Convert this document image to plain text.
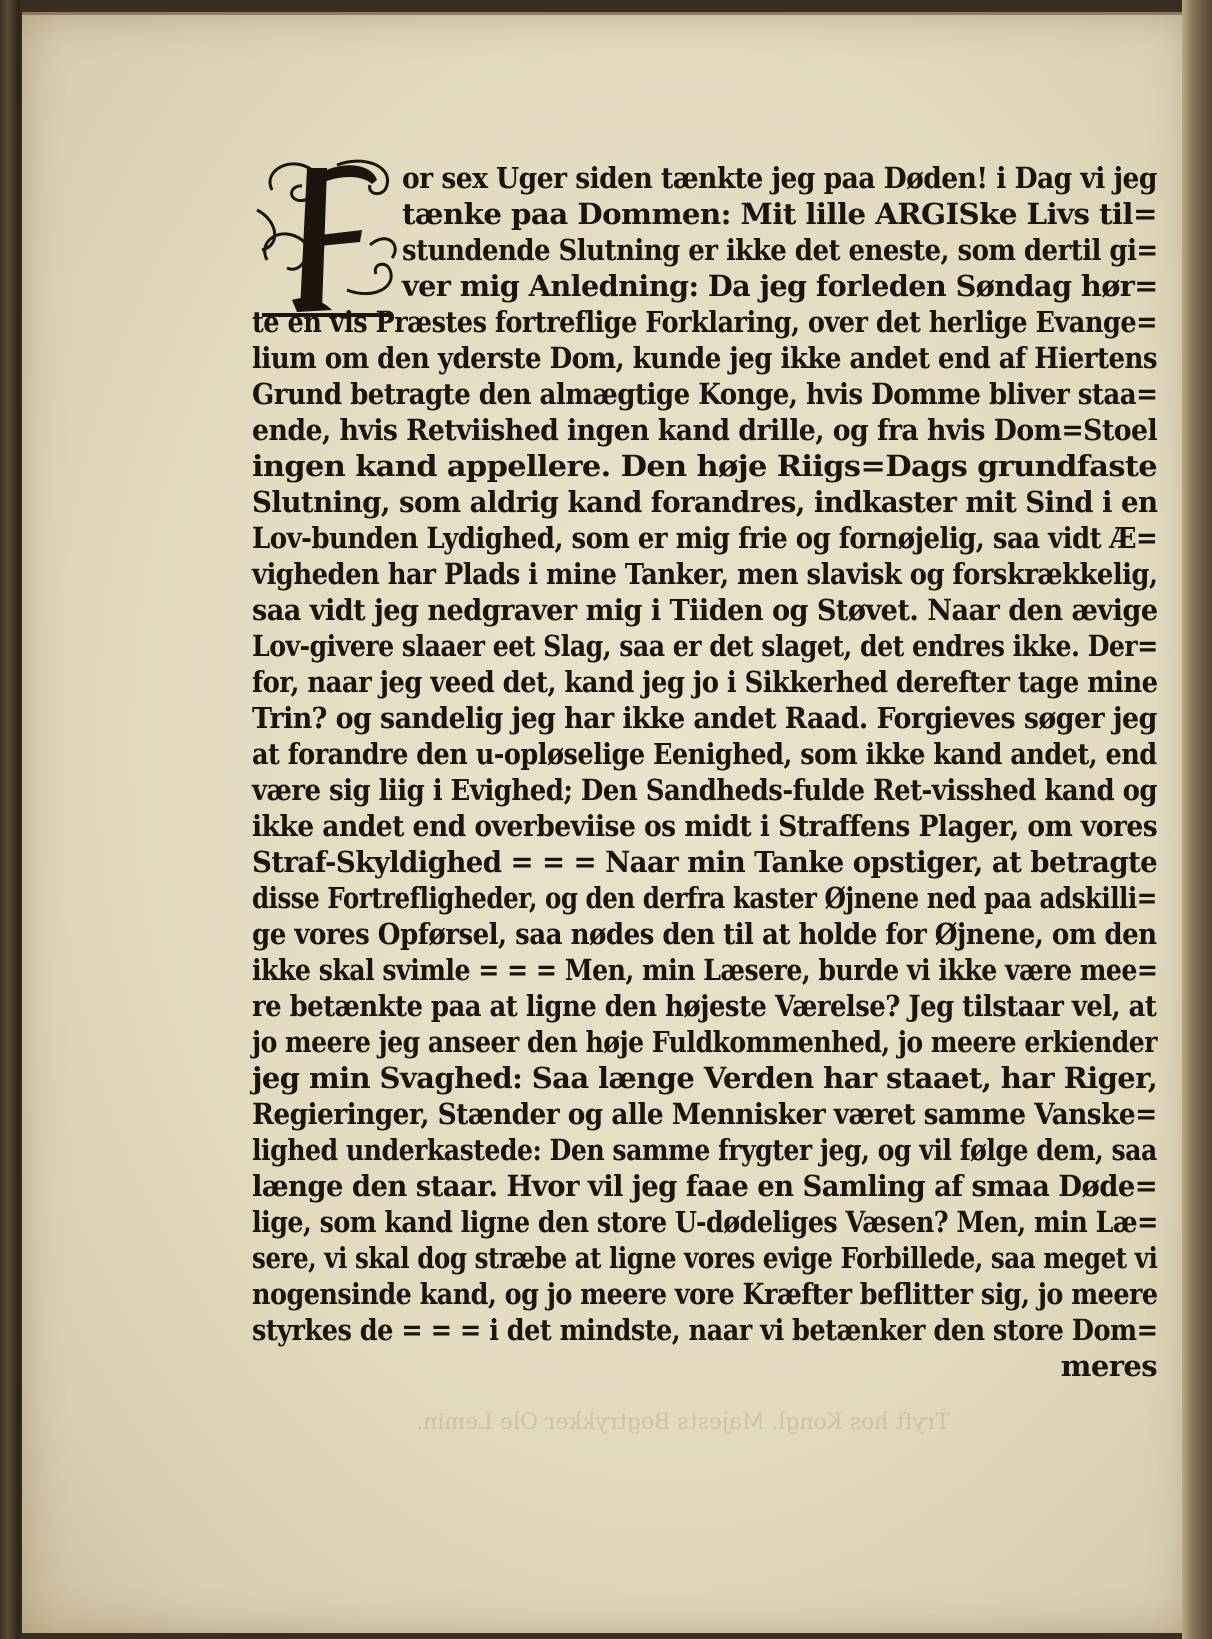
Tryft hos Kongl. Majests Bogtrykker Ole Lemin.
or sex Uger siden tænkte jeg paa Døden! i Dag vi jeg
tænke paa Dommen: Mit lille ARGISke Livs til=
stundende Slutning er ikke det eneste, som dertil gi=
ver mig Anledning: Da jeg forleden Søndag hør=
te en vis Præstes fortreflige Forklaring, over det herlige Evange=
lium om den yderste Dom, kunde jeg ikke andet end af Hiertens
Grund betragte den almægtige Konge, hvis Domme bliver staa=
ende, hvis Retviished ingen kand drille, og fra hvis Dom=Stoel
ingen kand appellere. Den høje Riigs=Dags grundfaste
Slutning, som aldrig kand forandres, indkaster mit Sind i en
Lov-bunden Lydighed, som er mig frie og fornøjelig, saa vidt Æ=
vigheden har Plads i mine Tanker, men slavisk og forskrækkelig,
saa vidt jeg nedgraver mig i Tiiden og Støvet. Naar den ævige
Lov-givere slaaer eet Slag, saa er det slaget, det endres ikke. Der=
for, naar jeg veed det, kand jeg jo i Sikkerhed derefter tage mine
Trin? og sandelig jeg har ikke andet Raad. Forgieves søger jeg
at forandre den u-opløselige Eenighed, som ikke kand andet, end
være sig liig i Evighed; Den Sandheds-fulde Ret-visshed kand og
ikke andet end overbeviise os midt i Straffens Plager, om vores
Straf-Skyldighed = = = Naar min Tanke opstiger, at betragte
disse Fortrefligheder, og den derfra kaster Øjnene ned paa adskilli=
ge vores Opførsel, saa nødes den til at holde for Øjnene, om den
ikke skal svimle = = = Men, min Læsere, burde vi ikke være mee=
re betænkte paa at ligne den højeste Værelse? Jeg tilstaar vel, at
jo meere jeg anseer den høje Fuldkommenhed, jo meere erkiender
jeg min Svaghed: Saa længe Verden har staaet, har Riger,
Regieringer, Stænder og alle Mennisker været samme Vanske=
lighed underkastede: Den samme frygter jeg, og vil følge dem, saa
længe den staar. Hvor vil jeg faae en Samling af smaa Døde=
lige, som kand ligne den store U-dødeliges Væsen? Men, min Læ=
sere, vi skal dog stræbe at ligne vores evige Forbillede, saa meget vi
nogensinde kand, og jo meere vore Kræfter beflitter sig, jo meere
styrkes de = = = i det mindste, naar vi betænker den store Dom=
meres
